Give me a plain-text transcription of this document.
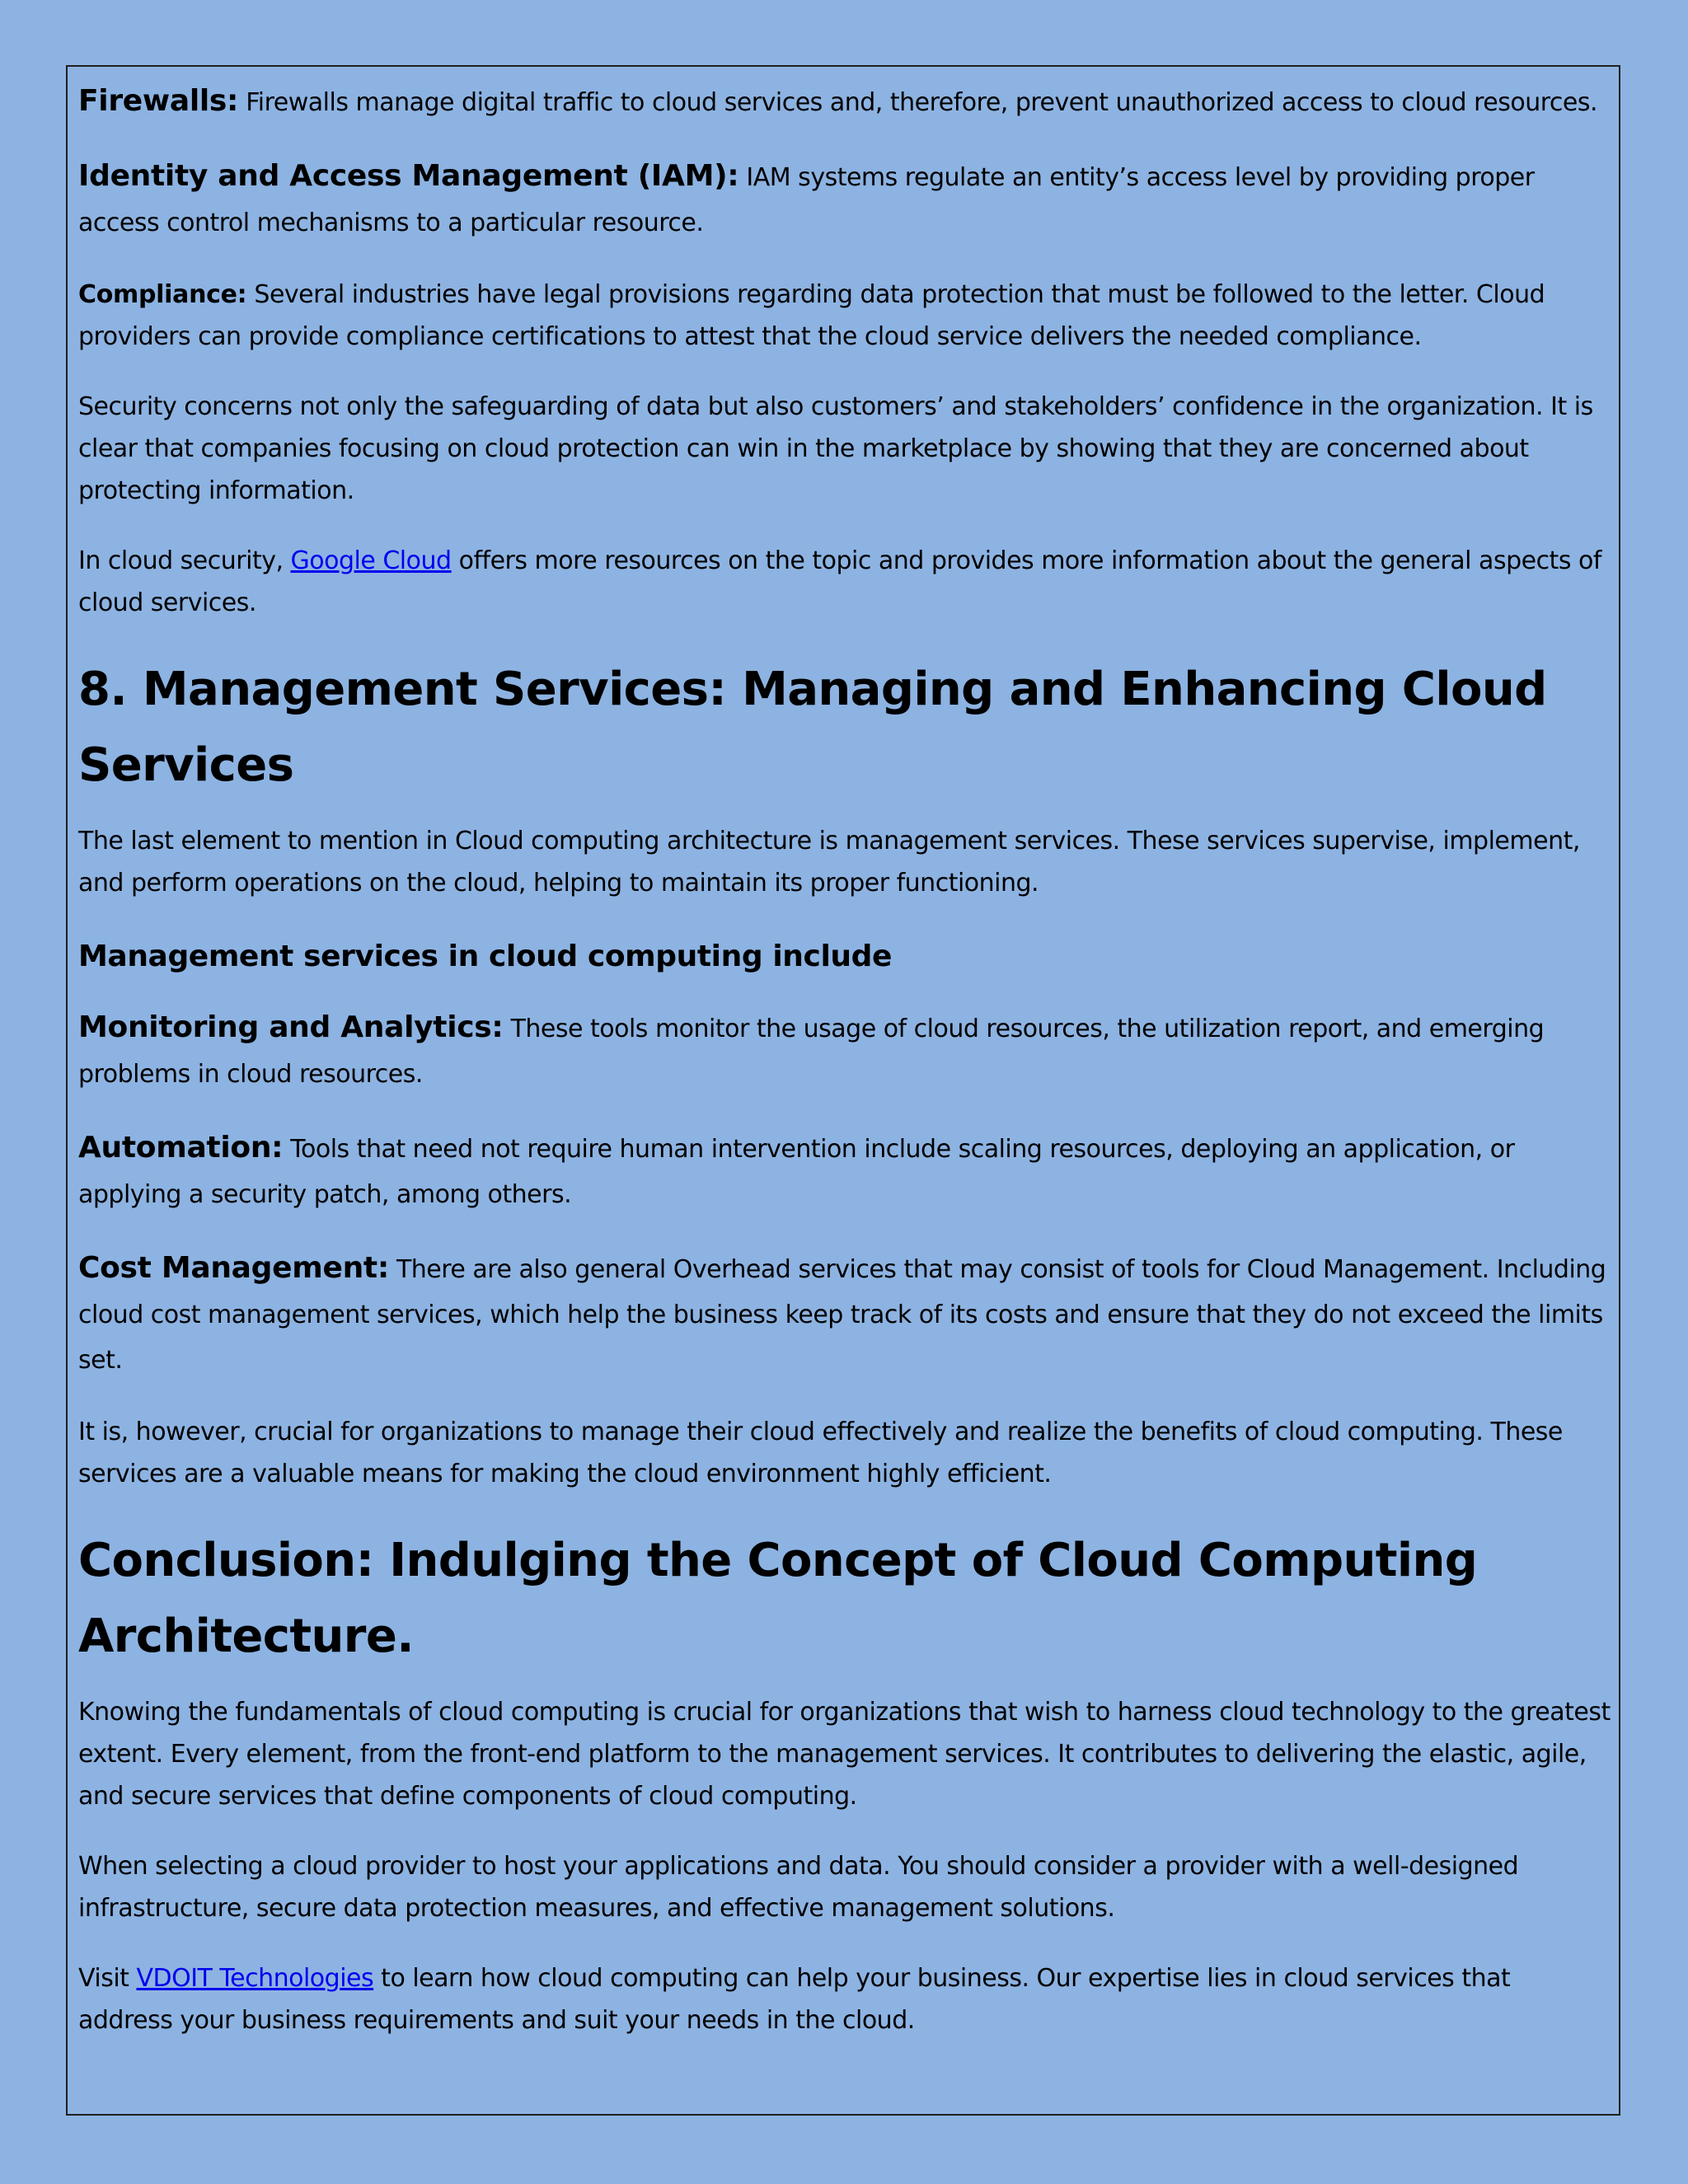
Firewalls: Firewalls manage digital traffic to cloud services and, therefore, prevent unauthorized access to cloud resources.

Identity and Access Management (IAM): IAM systems regulate an entity’s access level by providing proper access control mechanisms to a particular resource.

Compliance: Several industries have legal provisions regarding data protection that must be followed to the letter. Cloud providers can provide compliance certifications to attest that the cloud service delivers the needed compliance.

Security concerns not only the safeguarding of data but also customers’ and stakeholders’ confidence in the organization. It is clear that companies focusing on cloud protection can win in the marketplace by showing that they are concerned about protecting information.

In cloud security, Google Cloud offers more resources on the topic and provides more information about the general aspects of cloud services.

8. Management Services: Managing and Enhancing Cloud Services

The last element to mention in Cloud computing architecture is management services. These services supervise, implement, and perform operations on the cloud, helping to maintain its proper functioning.

Management services in cloud computing include

Monitoring and Analytics: These tools monitor the usage of cloud resources, the utilization report, and emerging problems in cloud resources.

Automation: Tools that need not require human intervention include scaling resources, deploying an application, or applying a security patch, among others.

Cost Management: There are also general Overhead services that may consist of tools for Cloud Management. Including cloud cost management services, which help the business keep track of its costs and ensure that they do not exceed the limits set.

It is, however, crucial for organizations to manage their cloud effectively and realize the benefits of cloud computing. These services are a valuable means for making the cloud environment highly efficient.

Conclusion: Indulging the Concept of Cloud Computing Architecture.

Knowing the fundamentals of cloud computing is crucial for organizations that wish to harness cloud technology to the greatest extent. Every element, from the front-end platform to the management services. It contributes to delivering the elastic, agile, and secure services that define components of cloud computing.

When selecting a cloud provider to host your applications and data. You should consider a provider with a well-designed infrastructure, secure data protection measures, and effective management solutions.

Visit VDOIT Technologies to learn how cloud computing can help your business. Our expertise lies in cloud services that address your business requirements and suit your needs in the cloud.
